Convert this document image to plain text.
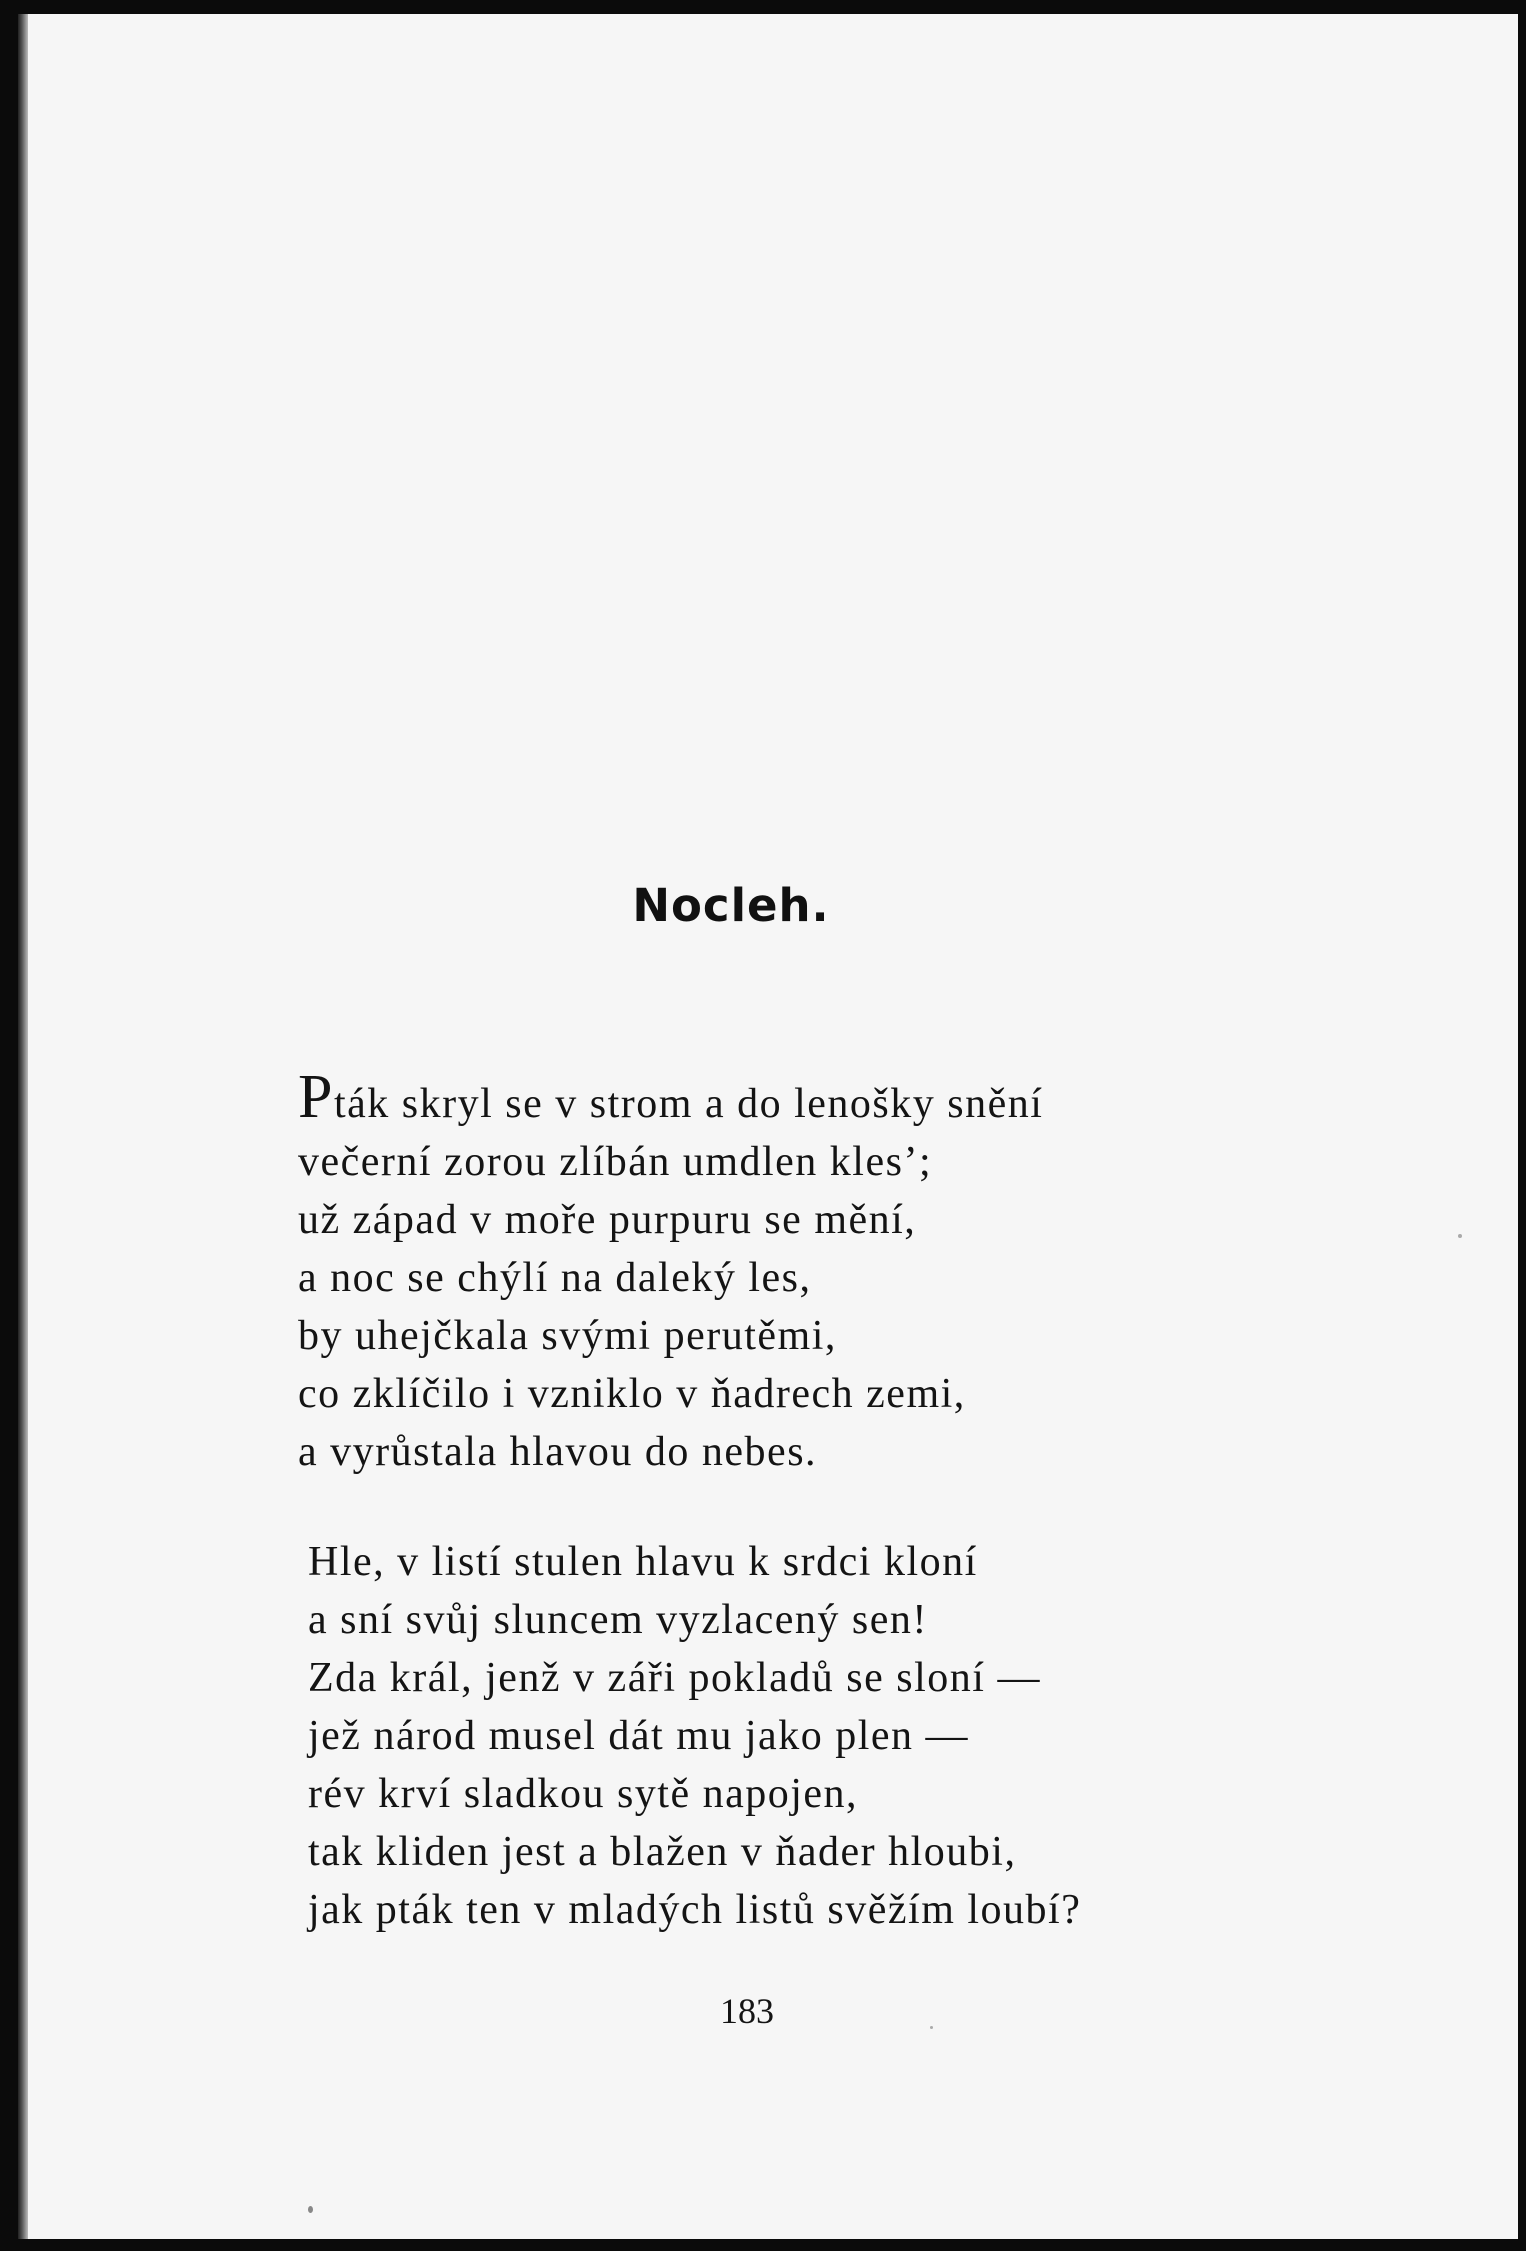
Nocleh.
Pták skryl se v strom a do lenošky snění
večerní zorou zlíbán umdlen kles’;
už západ v moře purpuru se mění,
a noc se chýlí na daleký les,
by uhejčkala svými perutěmi,
co zklíčilo i vzniklo v ňadrech zemi,
a vyrůstala hlavou do nebes.
Hle, v listí stulen hlavu k srdci kloní
a sní svůj sluncem vyzlacený sen!
Zda král, jenž v záři pokladů se sloní —
jež národ musel dát mu jako plen —
rév krví sladkou sytě napojen,
tak kliden jest a blažen v ňader hloubi,
jak pták ten v mladých listů svěžím loubí?
183
